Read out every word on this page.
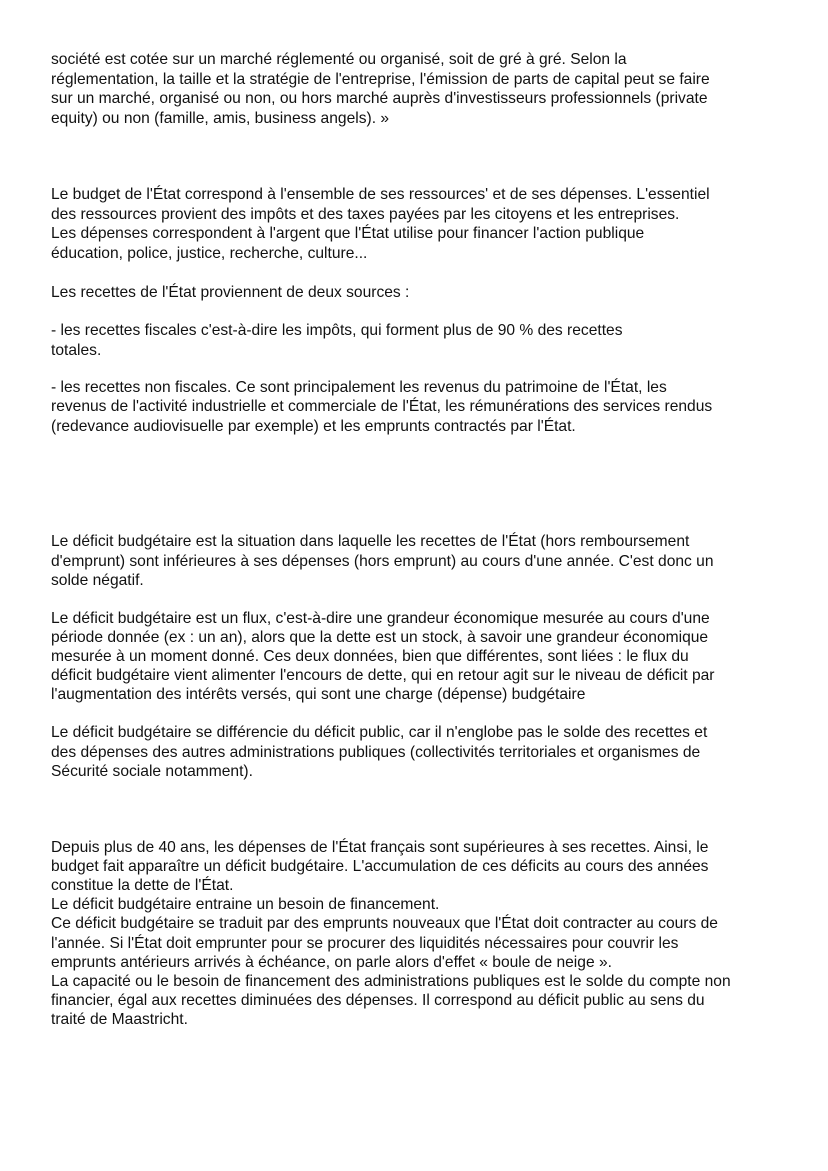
société est cotée sur un marché réglementé ou organisé, soit de gré à gré. Selon la

réglementation, la taille et la stratégie de l'entreprise, l'émission de parts de capital peut se faire

sur un marché, organisé ou non, ou hors marché auprès d'investisseurs professionnels (private

equity) ou non (famille, amis, business angels). »

Le budget de l'État correspond à l'ensemble de ses ressources' et de ses dépenses. L'essentiel

des ressources provient des impôts et des taxes payées par les citoyens et les entreprises.

Les dépenses correspondent à l'argent que l'État utilise pour financer l'action publique

éducation, police, justice, recherche, culture...

Les recettes de l'État proviennent de deux sources :

- les recettes fiscales c'est-à-dire les impôts, qui forment plus de 90 % des recettes

totales.

- les recettes non fiscales. Ce sont principalement les revenus du patrimoine de l'État, les

revenus de l'activité industrielle et commerciale de l'État, les rémunérations des services rendus

(redevance audiovisuelle par exemple) et les emprunts contractés par l'État.

Le déficit budgétaire est la situation dans laquelle les recettes de l'État (hors remboursement

d'emprunt) sont inférieures à ses dépenses (hors emprunt) au cours d'une année. C'est donc un

solde négatif.

Le déficit budgétaire est un flux, c'est-à-dire une grandeur économique mesurée au cours d'une

période donnée (ex : un an), alors que la dette est un stock, à savoir une grandeur économique

mesurée à un moment donné. Ces deux données, bien que différentes, sont liées : le flux du

déficit budgétaire vient alimenter l'encours de dette, qui en retour agit sur le niveau de déficit par

l'augmentation des intérêts versés, qui sont une charge (dépense) budgétaire

Le déficit budgétaire se différencie du déficit public, car il n'englobe pas le solde des recettes et

des dépenses des autres administrations publiques (collectivités territoriales et organismes de

Sécurité sociale notamment).

Depuis plus de 40 ans, les dépenses de l'État français sont supérieures à ses recettes. Ainsi, le

budget fait apparaître un déficit budgétaire. L'accumulation de ces déficits au cours des années

constitue la dette de l'État.

Le déficit budgétaire entraine un besoin de financement.

Ce déficit budgétaire se traduit par des emprunts nouveaux que l'État doit contracter au cours de

l'année. Si l'État doit emprunter pour se procurer des liquidités nécessaires pour couvrir les

emprunts antérieurs arrivés à échéance, on parle alors d'effet « boule de neige ».

La capacité ou le besoin de financement des administrations publiques est le solde du compte non

financier, égal aux recettes diminuées des dépenses. Il correspond au déficit public au sens du

traité de Maastricht.
